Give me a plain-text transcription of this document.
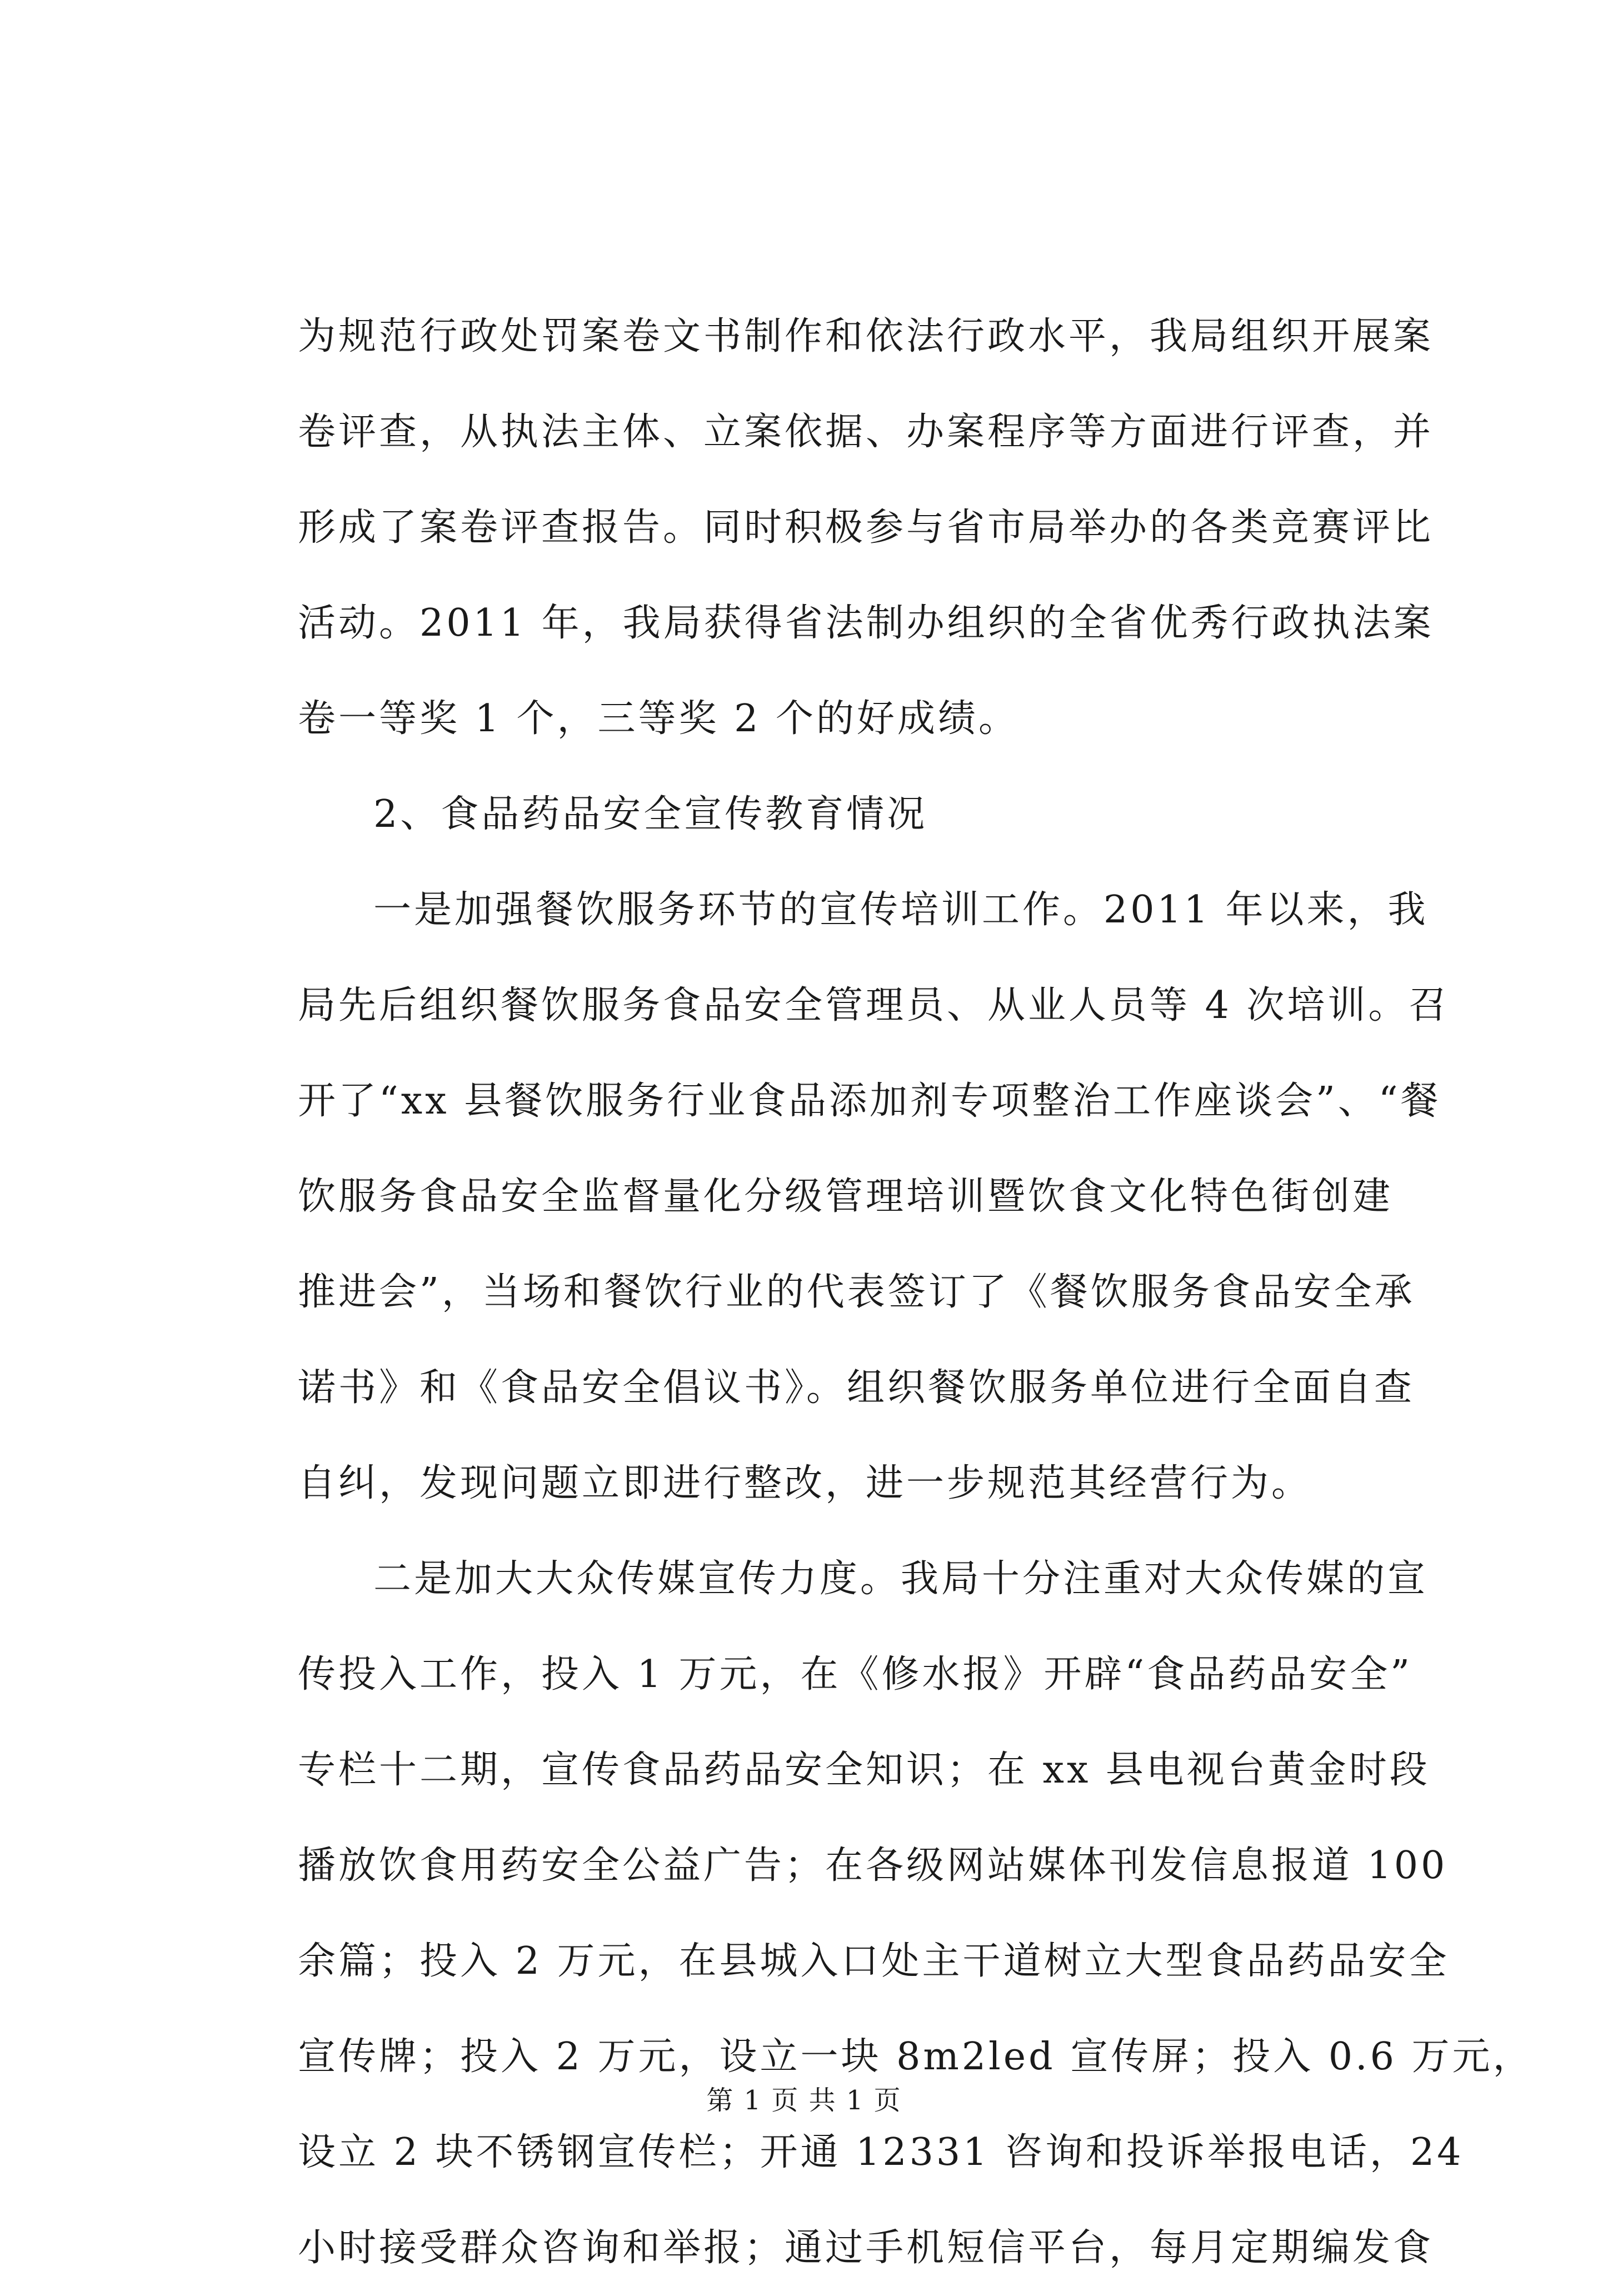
为规范行政处罚案卷文书制作和依法行政水平，我局组织开展案
卷评查，从执法主体、立案依据、办案程序等方面进行评查，并
形成了案卷评查报告。同时积极参与省市局举办的各类竞赛评比
活动。2011 年，我局获得省法制办组织的全省优秀行政执法案
卷一等奖 1 个，三等奖 2 个的好成绩。
2、食品药品安全宣传教育情况
一是加强餐饮服务环节的宣传培训工作。2011 年以来，我
局先后组织餐饮服务食品安全管理员、从业人员等 4 次培训。召
开了“xx 县餐饮服务行业食品添加剂专项整治工作座谈会”、“餐
饮服务食品安全监督量化分级管理培训暨饮食文化特色街创建
推进会”，当场和餐饮行业的代表签订了《餐饮服务食品安全承
诺书》和《食品安全倡议书》。组织餐饮服务单位进行全面自查
自纠，发现问题立即进行整改，进一步规范其经营行为。
二是加大大众传媒宣传力度。我局十分注重对大众传媒的宣
传投入工作，投入 1 万元，在《修水报》开辟“食品药品安全”
专栏十二期，宣传食品药品安全知识；在 xx 县电视台黄金时段
播放饮食用药安全公益广告；在各级网站媒体刊发信息报道 100
余篇；投入 2 万元，在县城入口处主干道树立大型食品药品安全
宣传牌；投入 2 万元，设立一块 8m2led 宣传屏；投入 0.6 万元，
设立 2 块不锈钢宣传栏；开通 12331 咨询和投诉举报电话，24
小时接受群众咨询和举报；通过手机短信平台，每月定期编发食
第 1 页 共 1 页
